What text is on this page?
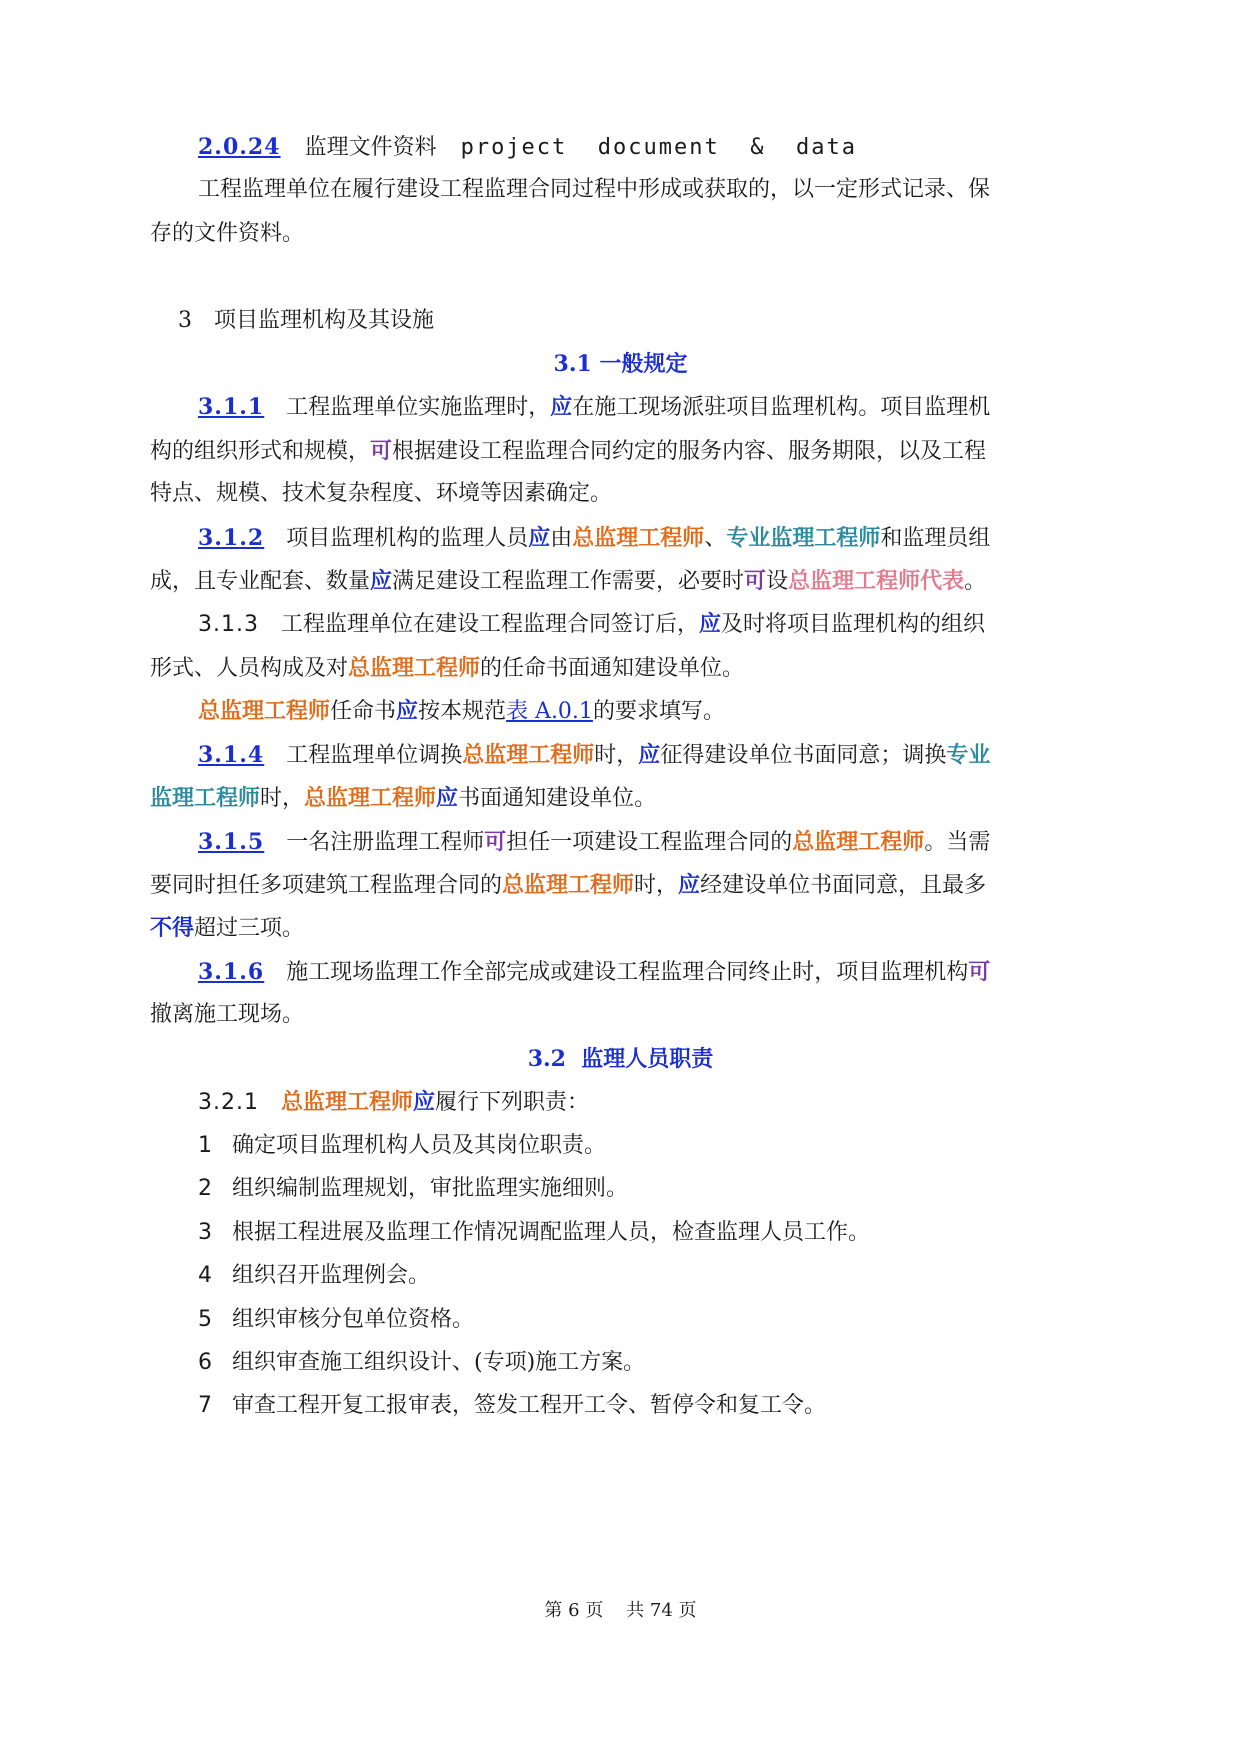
2.0.24 监理文件资料 project  document  &  data
工程监理单位在履行建设工程监理合同过程中形成或获取的，以一定形式记录、保
存的文件资料。
3 项目监理机构及其设施
3.1 一般规定
3.1.1 工程监理单位实施监理时，应在施工现场派驻项目监理机构。项目监理机
构的组织形式和规模，可根据建设工程监理合同约定的服务内容、服务期限，以及工程
特点、规模、技术复杂程度、环境等因素确定。
3.1.2 项目监理机构的监理人员应由总监理工程师、专业监理工程师和监理员组
成，且专业配套、数量应满足建设工程监理工作需要，必要时可设总监理工程师代表。
3.1.3 工程监理单位在建设工程监理合同签订后，应及时将项目监理机构的组织
形式、人员构成及对总监理工程师的任命书面通知建设单位。
总监理工程师任命书应按本规范表 A.0.1的要求填写。
3.1.4 工程监理单位调换总监理工程师时，应征得建设单位书面同意；调换专业
监理工程师时，总监理工程师应书面通知建设单位。
3.1.5 一名注册监理工程师可担任一项建设工程监理合同的总监理工程师。当需
要同时担任多项建筑工程监理合同的总监理工程师时，应经建设单位书面同意，且最多
不得超过三项。
3.1.6 施工现场监理工作全部完成或建设工程监理合同终止时，项目监理机构可
撤离施工现场。
3.2  监理人员职责
3.2.1 总监理工程师应履行下列职责：
1 确定项目监理机构人员及其岗位职责。
2 组织编制监理规划，审批监理实施细则。
3 根据工程进展及监理工作情况调配监理人员，检查监理人员工作。
4 组织召开监理例会。
5 组织审核分包单位资格。
6 组织审查施工组织设计、(专项)施工方案。
7 审查工程开复工报审表，签发工程开工令、暂停令和复工令。
第 6 页    共 74 页
